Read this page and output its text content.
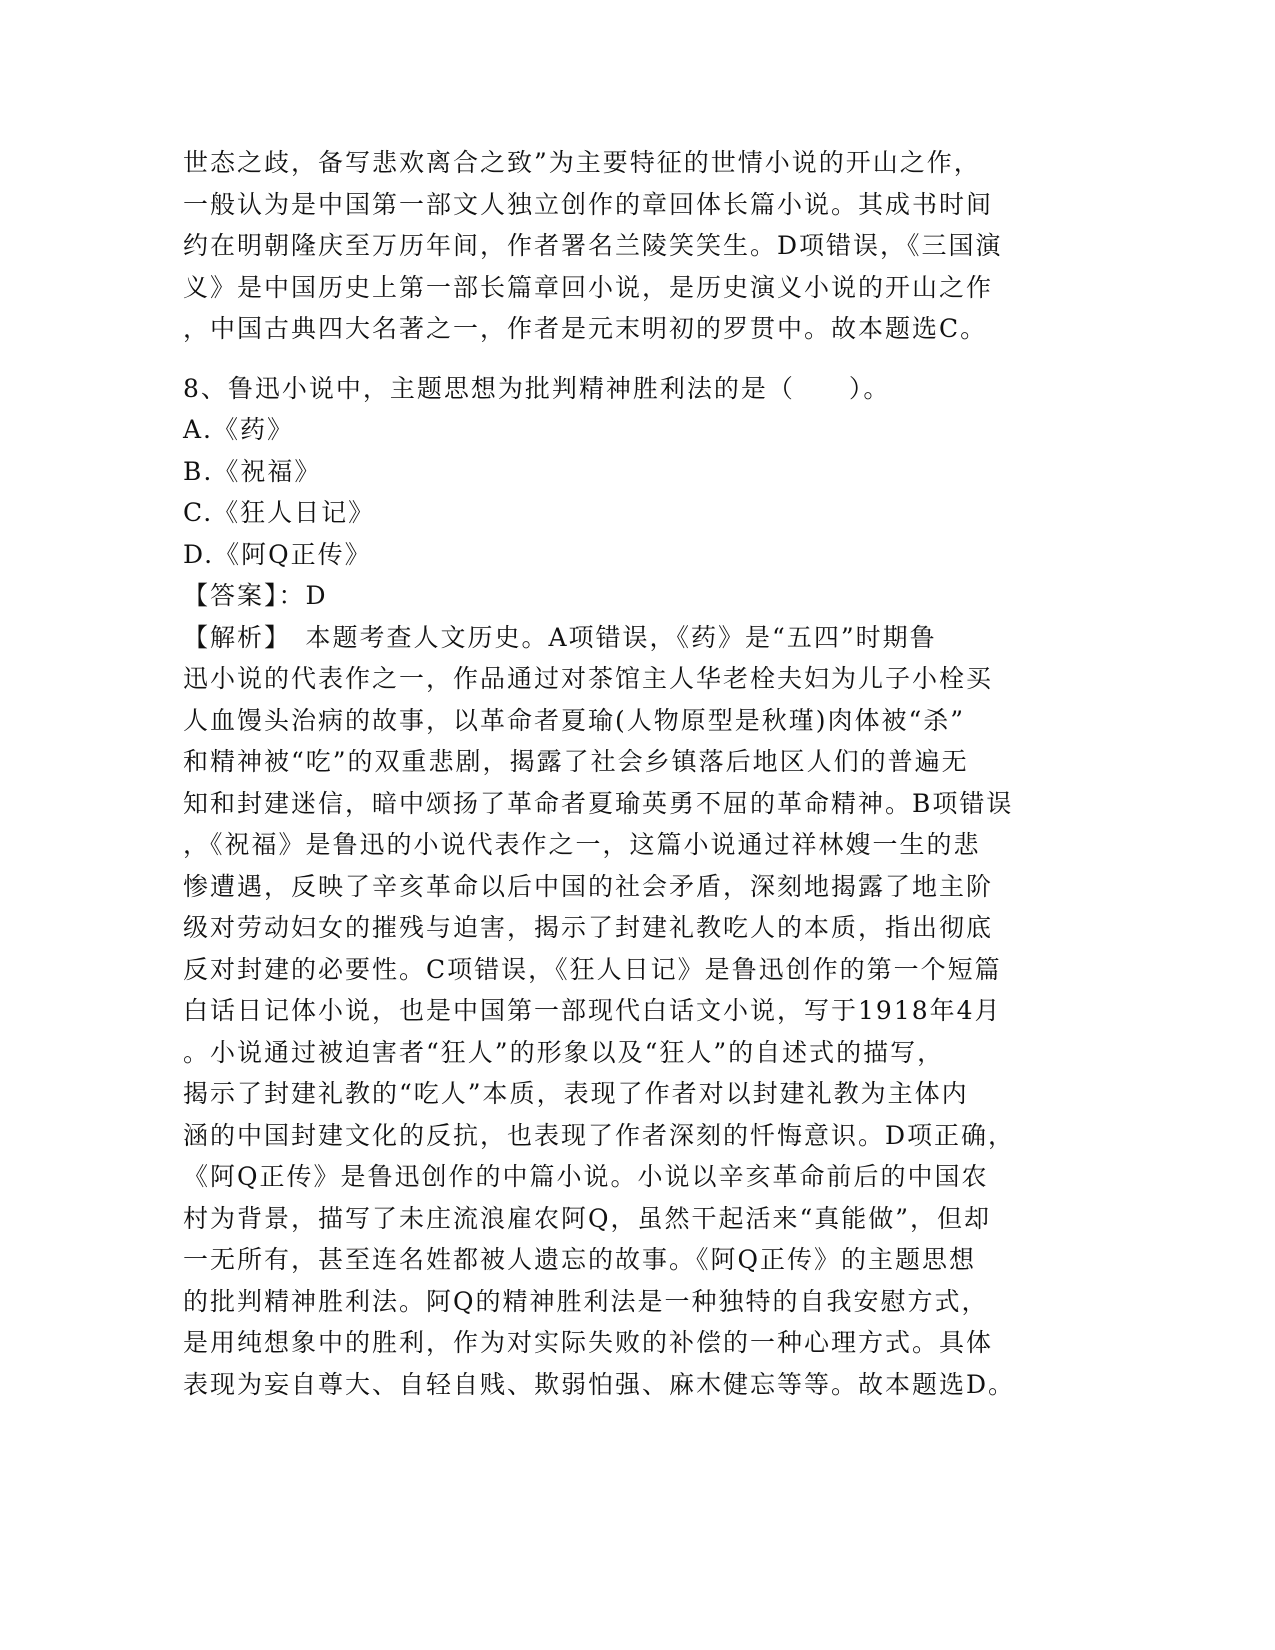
世态之歧，备写悲欢离合之致”为主要特征的世情小说的开山之作，
一般认为是中国第一部文人独立创作的章回体长篇小说。其成书时间
约在明朝隆庆至万历年间，作者署名兰陵笑笑生。D项错误，《三国演
义》是中国历史上第一部长篇章回小说，是历史演义小说的开山之作
，中国古典四大名著之一，作者是元末明初的罗贯中。故本题选C。
8、鲁迅小说中，主题思想为批判精神胜利法的是（　　）。
A.《药》
B.《祝福》
C.《狂人日记》
D.《阿Q正传》
【答案】：D
【解析】　本题考查人文历史。A项错误，《药》是“五四”时期鲁
迅小说的代表作之一，作品通过对茶馆主人华老栓夫妇为儿子小栓买
人血馒头治病的故事，以革命者夏瑜(人物原型是秋瑾)肉体被“杀”
和精神被“吃”的双重悲剧，揭露了社会乡镇落后地区人们的普遍无
知和封建迷信，暗中颂扬了革命者夏瑜英勇不屈的革命精神。B项错误
，《祝福》是鲁迅的小说代表作之一，这篇小说通过祥林嫂一生的悲
惨遭遇，反映了辛亥革命以后中国的社会矛盾，深刻地揭露了地主阶
级对劳动妇女的摧残与迫害，揭示了封建礼教吃人的本质，指出彻底
反对封建的必要性。C项错误，《狂人日记》是鲁迅创作的第一个短篇
白话日记体小说，也是中国第一部现代白话文小说，写于1918年4月
。小说通过被迫害者“狂人”的形象以及“狂人”的自述式的描写，
揭示了封建礼教的“吃人”本质，表现了作者对以封建礼教为主体内
涵的中国封建文化的反抗，也表现了作者深刻的忏悔意识。D项正确，
《阿Q正传》是鲁迅创作的中篇小说。小说以辛亥革命前后的中国农
村为背景，描写了未庄流浪雇农阿Q，虽然干起活来“真能做”，但却
一无所有，甚至连名姓都被人遗忘的故事。《阿Q正传》的主题思想
的批判精神胜利法。阿Q的精神胜利法是一种独特的自我安慰方式，
是用纯想象中的胜利，作为对实际失败的补偿的一种心理方式。具体
表现为妄自尊大、自轻自贱、欺弱怕强、麻木健忘等等。故本题选D。
